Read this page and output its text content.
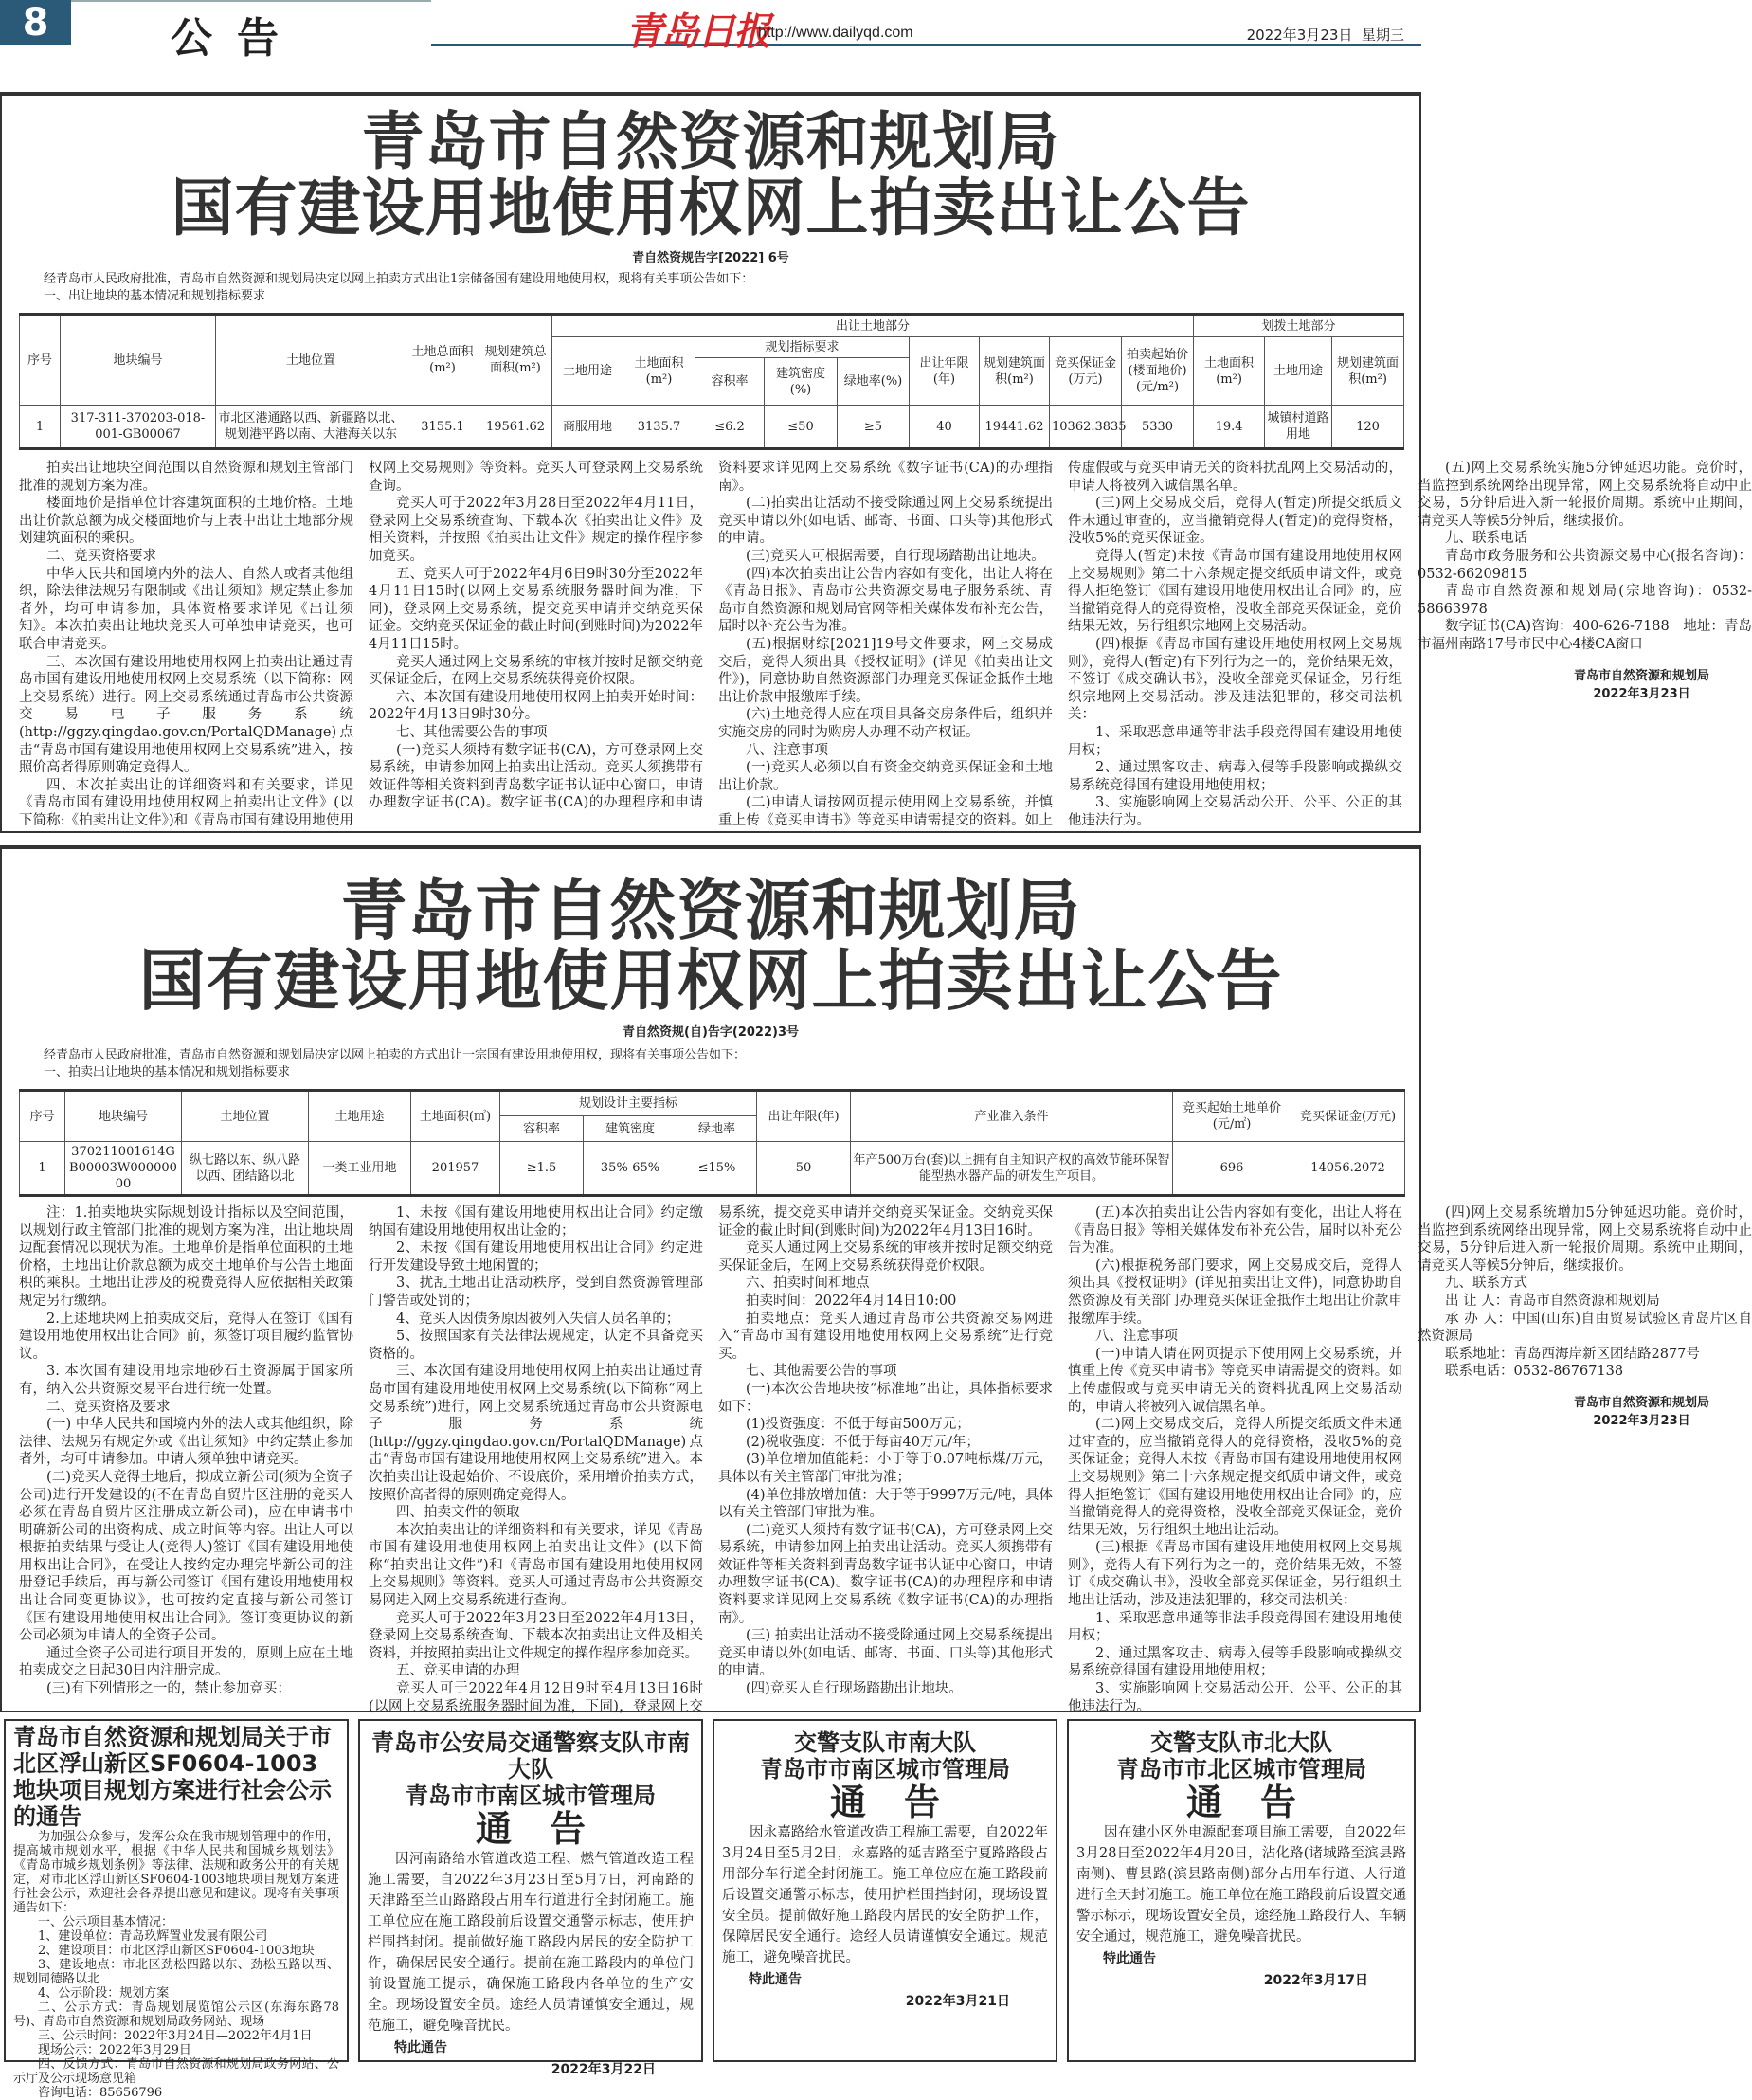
8	公告	青岛日报
http://www.dailyqd.com	2022年3月23日 星期三
青岛市自然资源和规划局
国有建设用地使用权网上拍卖出让公告
青自然资规告字[2022] 6号
经青岛市人民政府批准，青岛市自然资源和规划局决定以网上拍卖方式出让1宗储备国有建设用地使用权，现将有关事项公告如下：
一、出让地块的基本情况和规划指标要求
序号	地块编号	土地位置	土地总面积(m²)	规划建筑总面积(m²)	出让土地部分									划拨土地部分		
					土地用途	土地面积(m²)	规划指标要求			出让年限(年)	规划建筑面积(m²)	竞买保证金(万元)	拍卖起始价(楼面地价)(元/m²)	土地面积(m²)	土地用途	规划建筑面积(m²)
							容积率	建筑密度(%)	绿地率(%)							
1	317-311-370203-018-001-GB00067	市北区港通路以西、新疆路以北、规划港平路以南、大港海关以东	3155.1	19561.62	商服用地	3135.7	≤6.2	≤50	≥5	40	19441.62	10362.3835	5330	19.4	城镇村道路用地	120

拍卖出让地块空间范围以自然资源和规划主管部门批准的规划方案为准。

楼面地价是指单位计容建筑面积的土地价格。土地出让价款总额为成交楼面地价与上表中出让土地部分规划建筑面积的乘积。

二、竞买资格要求

中华人民共和国境内外的法人、自然人或者其他组织，除法律法规另有限制或《出让须知》规定禁止参加者外，均可申请参加，具体资格要求详见《出让须知》。本次拍卖出让地块竞买人可单独申请竞买，也可联合申请竞买。

三、本次国有建设用地使用权网上拍卖出让通过青岛市国有建设用地使用权网上交易系统（以下简称：网上交易系统）进行。网上交易系统通过青岛市公共资源交易电子服务系统(http://ggzy.qingdao.gov.cn/PortalQDManage)点击“青岛市国有建设用地使用权网上交易系统”进入，按照价高者得原则确定竞得人。

四、本次拍卖出让的详细资料和有关要求，详见《青岛市国有建设用地使用权网上拍卖出让文件》(以下简称:《拍卖出让文件》)和《青岛市国有建设用地使用权网上交易规则》等资料。竞买人可登录网上交易系统查询。

竞买人可于2022年3月28日至2022年4月11日，登录网上交易系统查询、下载本次《拍卖出让文件》及相关资料，并按照《拍卖出让文件》规定的操作程序参加竞买。

五、竞买人可于2022年4月6日9时30分至2022年4月11日15时(以网上交易系统服务器时间为准，下同)，登录网上交易系统，提交竞买申请并交纳竞买保证金。交纳竞买保证金的截止时间(到账时间)为2022年4月11日15时。

竞买人通过网上交易系统的审核并按时足额交纳竞买保证金后，在网上交易系统获得竞价权限。

六、本次国有建设用地使用权网上拍卖开始时间：2022年4月13日9时30分。

七、其他需要公告的事项

(一)竞买人须持有数字证书(CA)，方可登录网上交易系统，申请参加网上拍卖出让活动。竞买人须携带有效证件等相关资料到青岛数字证书认证中心窗口，申请办理数字证书(CA)。数字证书(CA)的办理程序和申请资料要求详见网上交易系统《数字证书(CA)的办理指南》。

(二)拍卖出让活动不接受除通过网上交易系统提出竞买申请以外(如电话、邮寄、书面、口头等)其他形式的申请。

(三)竞买人可根据需要，自行现场踏勘出让地块。

(四)本次拍卖出让公告内容如有变化，出让人将在《青岛日报》、青岛市公共资源交易电子服务系统、青岛市自然资源和规划局官网等相关媒体发布补充公告，届时以补充公告为准。

(五)根据财综[2021]19号文件要求，网上交易成交后，竞得人须出具《授权证明》(详见《拍卖出让文件》)，同意协助自然资源部门办理竞买保证金抵作土地出让价款申报缴库手续。

(六)土地竞得人应在项目具备交房条件后，组织并实施交房的同时为购房人办理不动产权证。

八、注意事项

(一)竞买人必须以自有资金交纳竞买保证金和土地出让价款。

(二)申请人请按网页提示使用网上交易系统，并慎重上传《竞买申请书》等竞买申请需提交的资料。如上传虚假或与竞买申请无关的资料扰乱网上交易活动的，申请人将被列入诚信黑名单。

(三)网上交易成交后，竞得人(暂定)所提交纸质文件未通过审查的，应当撤销竞得人(暂定)的竞得资格，没收5%的竞买保证金。

竞得人(暂定)未按《青岛市国有建设用地使用权网上交易规则》第二十六条规定提交纸质申请文件，或竞得人拒绝签订《国有建设用地使用权出让合同》的，应当撤销竞得人的竞得资格，没收全部竞买保证金，竞价结果无效，另行组织宗地网上交易活动。

(四)根据《青岛市国有建设用地使用权网上交易规则》，竞得人(暂定)有下列行为之一的，竞价结果无效，不签订《成交确认书》，没收全部竞买保证金，另行组织宗地网上交易活动。涉及违法犯罪的，移交司法机关：

1、采取恶意串通等非法手段竞得国有建设用地使用权；

2、通过黑客攻击、病毒入侵等手段影响或操纵交易系统竞得国有建设用地使用权；

3、实施影响网上交易活动公开、公平、公正的其他违法行为。

(五)网上交易系统实施5分钟延迟功能。竞价时，当监控到系统网络出现异常，网上交易系统将自动中止交易，5分钟后进入新一轮报价周期。系统中止期间，请竞买人等候5分钟后，继续报价。

九、联系电话

青岛市政务服务和公共资源交易中心(报名咨询)：0532-66209815

青岛市自然资源和规划局(宗地咨询)：0532-58663978

数字证书(CA)咨询：400-626-7188　地址：青岛市福州南路17号市民中心4楼CA窗口

青岛市自然资源和规划局
2022年3月23日
青岛市自然资源和规划局
国有建设用地使用权网上拍卖出让公告
青自然资规(自)告字(2022)3号
经青岛市人民政府批准，青岛市自然资源和规划局决定以网上拍卖的方式出让一宗国有建设用地使用权，现将有关事项公告如下：
一、拍卖出让地块的基本情况和规划指标要求
序号	地块编号	土地位置	土地用途	土地面积(㎡)	规划设计主要指标			出让年限(年)	产业准入条件	竞买起始土地单价(元/㎡)	竞买保证金(万元)
					容积率	建筑密度	绿地率				
1	370211001614GB00003W00000000	纵七路以东、纵八路以西、团结路以北	一类工业用地	201957	≥1.5	35%-65%	≤15%	50	年产500万台(套)以上拥有自主知识产权的高效节能环保智能型热水器产品的研发生产项目。	696	14056.2072

注：1.拍卖地块实际规划设计指标以及空间范围，以规划行政主管部门批准的规划方案为准，出让地块周边配套情况以现状为准。土地单价是指单位面积的土地价格，土地出让价款总额为成交土地单价与公告土地面积的乘积。土地出让涉及的税费竞得人应依据相关政策规定另行缴纳。

2.上述地块网上拍卖成交后，竞得人在签订《国有建设用地使用权出让合同》前，须签订项目履约监管协议。

3. 本次国有建设用地宗地砂石土资源属于国家所有，纳入公共资源交易平台进行统一处置。

二、竞买资格及要求

(一) 中华人民共和国境内外的法人或其他组织，除法律、法规另有规定外或《出让须知》中约定禁止参加者外，均可申请参加。申请人须单独申请竞买。

(二)竞买人竞得土地后，拟成立新公司(须为全资子公司)进行开发建设的(不在青岛自贸片区注册的竞买人必须在青岛自贸片区注册成立新公司)，应在申请书中明确新公司的出资构成、成立时间等内容。出让人可以根据拍卖结果与受让人(竞得人)签订《国有建设用地使用权出让合同》，在受让人按约定办理完毕新公司的注册登记手续后，再与新公司签订《国有建设用地使用权出让合同变更协议》，也可按约定直接与新公司签订《国有建设用地使用权出让合同》。签订变更协议的新公司必须为申请人的全资子公司。

通过全资子公司进行项目开发的，原则上应在土地拍卖成交之日起30日内注册完成。

(三)有下列情形之一的，禁止参加竞买：

1、未按《国有建设用地使用权出让合同》约定缴纳国有建设用地使用权出让金的；

2、未按《国有建设用地使用权出让合同》约定进行开发建设导致土地闲置的；

3、扰乱土地出让活动秩序，受到自然资源管理部门警告或处罚的；

4、竞买人因债务原因被列入失信人员名单的；

5、按照国家有关法律法规规定，认定不具备竞买资格的。

三、本次国有建设用地使用权网上拍卖出让通过青岛市国有建设用地使用权网上交易系统(以下简称“网上交易系统”)进行，网上交易系统通过青岛市公共资源电子服务系统(http://ggzy.qingdao.gov.cn/PortalQDManage)点击“青岛市国有建设用地使用权网上交易系统”进入。本次拍卖出让设起始价、不设底价，采用增价拍卖方式，按照价高者得的原则确定竞得人。

四、拍卖文件的领取

本次拍卖出让的详细资料和有关要求，详见《青岛市国有建设用地使用权网上拍卖出让文件》(以下简称“拍卖出让文件”)和《青岛市国有建设用地使用权网上交易规则》等资料。竞买人可通过青岛市公共资源交易网进入网上交易系统进行查询。

竞买人可于2022年3月23日至2022年4月13日，登录网上交易系统查询、下载本次拍卖出让文件及相关资料，并按照拍卖出让文件规定的操作程序参加竞买。

五、竞买申请的办理

竞买人可于2022年4月12日9时至4月13日16时(以网上交易系统服务器时间为准，下同)，登录网上交易系统，提交竞买申请并交纳竞买保证金。交纳竞买保证金的截止时间(到账时间)为2022年4月13日16时。

竞买人通过网上交易系统的审核并按时足额交纳竞买保证金后，在网上交易系统获得竞价权限。

六、拍卖时间和地点

拍卖时间：2022年4月14日10:00

拍卖地点：竞买人通过青岛市公共资源交易网进入“青岛市国有建设用地使用权网上交易系统”进行竞买。

七、其他需要公告的事项

(一)本次公告地块按“标准地”出让，具体指标要求如下：

(1)投资强度：不低于每亩500万元；

(2)税收强度：不低于每亩40万元/年；

(3)单位增加值能耗：小于等于0.07吨标煤/万元，具体以有关主管部门审批为准；

(4)单位排放增加值：大于等于9997万元/吨，具体以有关主管部门审批为准。

(二)竞买人须持有数字证书(CA)，方可登录网上交易系统，申请参加网上拍卖出让活动。竞买人须携带有效证件等相关资料到青岛数字证书认证中心窗口，申请办理数字证书(CA)。数字证书(CA)的办理程序和申请资料要求详见网上交易系统《数字证书(CA)的办理指南》。

(三) 拍卖出让活动不接受除通过网上交易系统提出竞买申请以外(如电话、邮寄、书面、口头等)其他形式的申请。

(四)竞买人自行现场踏勘出让地块。

(五)本次拍卖出让公告内容如有变化，出让人将在《青岛日报》等相关媒体发布补充公告，届时以补充公告为准。

(六)根据税务部门要求，网上交易成交后，竞得人须出具《授权证明》(详见拍卖出让文件)，同意协助自然资源及有关部门办理竞买保证金抵作土地出让价款申报缴库手续。

八、注意事项

(一)申请人请在网页提示下使用网上交易系统，并慎重上传《竞买申请书》等竞买申请需提交的资料。如上传虚假或与竞买申请无关的资料扰乱网上交易活动的，申请人将被列入诚信黑名单。

(二)网上交易成交后，竞得人所提交纸质文件未通过审查的，应当撤销竞得人的竞得资格，没收5%的竞买保证金；竞得人未按《青岛市国有建设用地使用权网上交易规则》第二十六条规定提交纸质申请文件，或竞得人拒绝签订《国有建设用地使用权出让合同》的，应当撤销竞得人的竞得资格，没收全部竞买保证金，竞价结果无效，另行组织土地出让活动。

(三)根据《青岛市国有建设用地使用权网上交易规则》，竞得人有下列行为之一的，竞价结果无效，不签订《成交确认书》，没收全部竞买保证金，另行组织土地出让活动，涉及违法犯罪的，移交司法机关：

1、采取恶意串通等非法手段竞得国有建设用地使用权；

2、通过黑客攻击、病毒入侵等手段影响或操纵交易系统竞得国有建设用地使用权；

3、实施影响网上交易活动公开、公平、公正的其他违法行为。

(四)网上交易系统增加5分钟延迟功能。竞价时，当监控到系统网络出现异常，网上交易系统将自动中止交易，5分钟后进入新一轮报价周期。系统中止期间，请竞买人等候5分钟后，继续报价。

九、联系方式

出 让 人：青岛市自然资源和规划局

承 办 人：中国(山东)自由贸易试验区青岛片区自然资源局

联系地址：青岛西海岸新区团结路2877号

联系电话：0532-86767138

青岛市自然资源和规划局
2022年3月23日
青岛市自然资源和规划局关于市北区浮山新区SF0604-1003地块项目规划方案进行社会公示的通告

为加强公众参与，发挥公众在我市规划管理中的作用，提高城市规划水平，根据《中华人民共和国城乡规划法》《青岛市城乡规划条例》等法律、法规和政务公开的有关规定，对市北区浮山新区SF0604-1003地块项目规划方案进行社会公示，欢迎社会各界提出意见和建议。现将有关事项通告如下：

一、公示项目基本情况：

1、建设单位：青岛玖辉置业发展有限公司

2、建设项目：市北区浮山新区SF0604-1003地块

3、建设地点：市北区劲松四路以东、劲松五路以西、规划同德路以北

4、公示阶段：规划方案

二、公示方式：青岛规划展览馆公示区(东海东路78号)、青岛市自然资源和规划局政务网站、现场

三、公示时间：2022年3月24日—2022年4月1日

现场公示：2022年3月29日

四、反馈方式：青岛市自然资源和规划局政务网站、公示厅及公示现场意见箱

咨询电话：85656796

青岛市公安局交通警察支队市南大队
青岛市市南区城市管理局
通告

因河南路给水管道改造工程、燃气管道改造工程施工需要，自2022年3月23日至5月7日，河南路的天津路至兰山路路段占用车行道进行全封闭施工。施工单位应在施工路段前后设置交通警示标志，使用护栏围挡封闭。提前做好施工路段内居民的安全防护工作，确保居民安全通行。提前在施工路段内的单位门前设置施工提示，确保施工路段内各单位的生产安全。现场设置安全员。途经人员请谨慎安全通过，规范施工，避免噪音扰民。

特此通告
2022年3月22日
交警支队市南大队
青岛市市南区城市管理局
通告

因永嘉路给水管道改造工程施工需要，自2022年3月24日至5月2日，永嘉路的延吉路至宁夏路路段占用部分车行道全封闭施工。施工单位应在施工路段前后设置交通警示标志，使用护栏围挡封闭，现场设置安全员。提前做好施工路段内居民的安全防护工作，保障居民安全通行。途经人员请谨慎安全通过。规范施工，避免噪音扰民。

特此通告
2022年3月21日
交警支队市北大队
青岛市市北区城市管理局
通告

因在建小区外电源配套项目施工需要，自2022年3月28日至2022年4月20日，沾化路(诸城路至滨县路南侧)、曹县路(滨县路南侧)部分占用车行道、人行道进行全天封闭施工。施工单位在施工路段前后设置交通警示标示，现场设置安全员，途经施工路段行人、车辆安全通过，规范施工，避免噪音扰民。

特此通告
2022年3月17日
